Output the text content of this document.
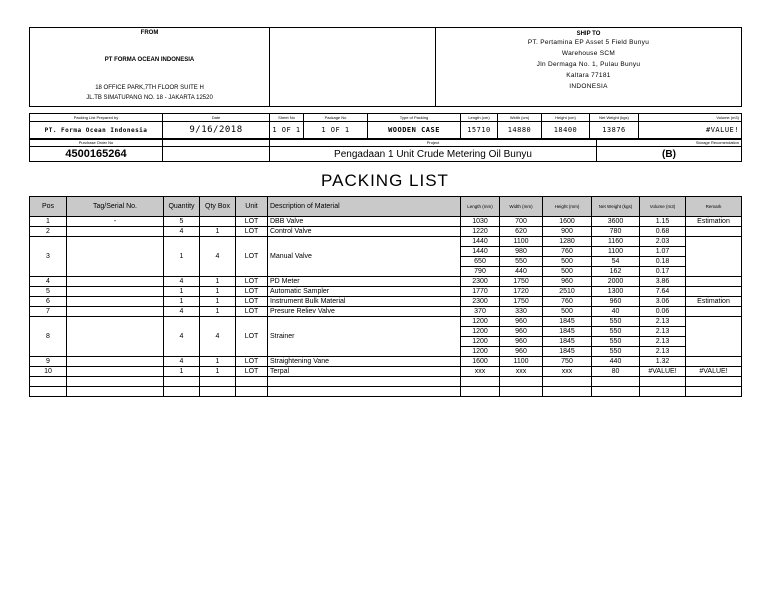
FROM
PT FORMA OCEAN INDONESIA
18 OFFICE PARK,7TH FLOOR SUITE H
JL.TB SIMATUPANG NO. 18 - JAKARTA 12520

SHIP TO
PT. Pertamina EP Asset 5 Field Bunyu
Warehouse SCM
Jln Dermaga No. 1, Pulau Bunyu
Kaltara 77181
INDONESIA
Packing List Prepared by	Date	Sheet No	Package No	Type of Packing	Length (cm)	Width (cm)	Height (cm)	Net Weight (kgs)	Volume (m3)
PT. Forma Ocean Indonesia	9/16/2018	1 OF 1	1 OF 1	WOODEN CASE	15710	14880	18400	13876	#VALUE!
Purchase Order No		Project	Storage Recomendation
4500165264		Pengadaan 1 Unit Crude Metering Oil Bunyu	(B)
PACKING LIST
Pos	Tag/Serial No.	Quantity	Qty Box	Unit	Description of Material	Length (mm)	Width (mm)	Height (mm)	Net Weight (kgs)	Volume (m3)	Remark
1	-	5		LOT	DBB Valve	1030	700	1600	3600	1.15	Estimation
2		4	1	LOT	Control Valve	1220	620	900	780	0.68	
3		1	4	LOT	Manual Valve	1440	1100	1280	1160	2.03	
						1440	980	760	1100	1.07	
						650	550	500	54	0.18	
						790	440	500	162	0.17	
4		4	1	LOT	PD Meter	2300	1750	960	2000	3.86	
5		1	1	LOT	Automatic Sampler	1770	1720	2510	1300	7.64	
6		1	1	LOT	Instrument Bulk Material	2300	1750	760	960	3.06	Estimation
7		4	1	LOT	Presure Reliev Valve	370	330	500	40	0.06	
8		4	4	LOT	Strainer	1200	960	1845	550	2.13	
						1200	960	1845	550	2.13	
						1200	960	1845	550	2.13	
						1200	960	1845	550	2.13	
9		4	1	LOT	Straightening Vane	1600	1100	750	440	1.32	
10		1	1	LOT	Terpal	xxx	xxx	xxx	80	#VALUE!	#VALUE!
